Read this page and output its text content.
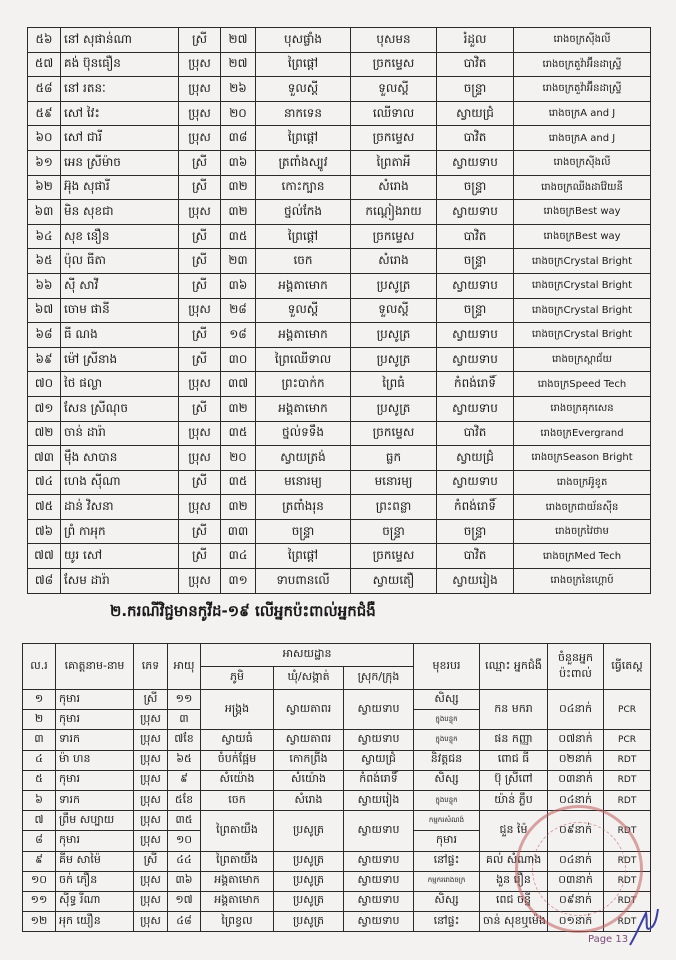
៥៦	នៅ សុផាន់ណា	ស្រី	២៧	បុសផ្លាំង	បុសមន	រំដួល	រោងចក្រស៊ីងលី
៥៧	គង់ ប៊ុនធឿន	ប្រុស	២៧	ព្រៃផ្ដៅ	ច្រកម្ទេស	បាវិត	រោងចក្រតួវ៉ាអ៊ីនដាស្ទ្រី
៥៨	នៅ រតនៈ	ប្រុស	២៦	ទួលស្ដី	ទួលស្ដី	ចន្ទ្រា	រោងចក្រតួវ៉ាអ៊ីនដាស្ទ្រី
៥៩	សៅ វៃះ	ប្រុស	២០	នាកទេន	ឈើទាល	ស្វាយជ្រំ	រោងចក្រA and J
៦០	សៅ ជារី	ប្រុស	៣៨	ព្រៃផ្ដៅ	ច្រកម្ទេស	បាវិត	រោងចក្រA and J
៦១	អេន ស្រីម៉ាច	ស្រី	៣៦	ត្រពាំងស្បូវ	ព្រៃតាអី	ស្វាយទាប	រោងចក្រស៊ីងលី
៦២	អ៊ុង សុផារី	ស្រី	៣២	កោះក្បាន	សំរោង	ចន្ទ្រា	រោងចក្រឈីងដាវ៉ែយនី
៦៣	មិន សុខជា	ប្រុស	៣២	ថ្នល់កែង	កណ្ដៀងរាយ	ស្វាយទាប	រោងចក្រBest way
៦៤	សុខ នឿន	ស្រី	៣៥	ព្រៃផ្ដៅ	ច្រកម្ទេស	បាវិត	រោងចក្រBest way
៦៥	ប៉ុល ធីតា	ស្រី	២៣	ចេក	សំរោង	ចន្ទ្រា	រោងចក្រCrystal Bright
៦៦	ស៊ី សាវី	ស្រី	៣៦	អង្គតាមោក	ប្រសូត្រ	ស្វាយទាប	រោងចក្រCrystal Bright
៦៧	ចោម ផានី	ប្រុស	២៨	ទួលស្ដី	ទួលស្ដី	ចន្ទ្រា	រោងចក្រCrystal Bright
៦៨	ធី ណង	ស្រី	១៨	អង្គតាមោក	ប្រសូត្រ	ស្វាយទាប	រោងចក្រCrystal Bright
៦៩	ម៉ៅ ស្រីនាង	ស្រី	៣០	ព្រៃឈើទាល	ប្រសូត្រ	ស្វាយទាប	រោងចក្រស្ពាជ័យ
៧០	ថៃ ផល្លា	ប្រុស	៣៧	ព្រះបាក់ក	ព្រៃធំ	កំពង់រោទិ៍	រោងចក្រSpeed Tech
៧១	សែន ស្រីណុច	ស្រី	៣២	អង្គតាមោក	ប្រសូត្រ	ស្វាយទាប	រោងចក្រគុកសេន
៧២	ចាន់ ដារ៉ា	ប្រុស	៣៥	ថ្នល់ទទឹង	ច្រកម្ទេស	បាវិត	រោងចក្រEvergrand
៧៣	ម៉ឹង សាបាន	ប្រុស	២០	ស្វាយត្រង់	ធ្លក	ស្វាយជ្រំ	រោងចក្រSeason Bright
៧៤	ហេង ស៊ីណា	ស្រី	៣៥	មនោរម្យ	មនោរម្យ	ស្វាយទាប	រោងចក្រអ៊ូខូត
៧៥	ដាន់ វិសនា	ប្រុស	៣២	ត្រពាំងរុន	ព្រះពន្លា	កំពង់រោទិ៍	រោងចក្រជាយ័នស៊ីន
៧៦	ព្រំ កាអុក	ស្រី	៣៣	ចន្ទ្រា	ចន្ទ្រា	ចន្ទ្រា	រោងចក្រវៃថាម
៧៧	យូរ សៅ	ស្រី	៣៤	ព្រៃផ្ដៅ	ច្រកម្ទេស	បាវិត	រោងចក្រMed Tech
៧៨	សែម ដារ៉ា	ប្រុស	៣១	ទាបពានលើ	ស្វាយតឿ	ស្វាយរៀង	រោងចក្រនៃហ្គោប៍
២.ករណីវិជ្ជមានកូវីដ-១៩ លើអ្នកប៉ះពាល់អ្នកជំងឺ
ល.រ	គោត្តនាម-នាម	ភេទ	អាយុ	អាសយដ្ឋាន			មុខរបរ	ឈ្មោះ អ្នកជំងឺ	ចំនួនអ្នក ប៉ះពាល់	ធ្វើតេស្ត
				ភូមិ	ឃុំ/សង្កាត់	ស្រុក/ក្រុង				
១	កុមារ	ស្រី	១១	អង្រ្គង	ស្វាយតាពរ	ស្វាយទាប	សិស្ស	កន មករា	០៤នាក់	PCR
២	កុមារ	ប្រុស	៣				ក្នុងបន្ទុក			
៣	ទារក	ប្រុស	៧ខែ	ស្វាយធំ	ស្វាយតាពរ	ស្វាយទាប	ក្នុងបន្ទុក	ផន កញ្ញា	០៧នាក់	PCR
៤	ម៉ា ហន	ប្រុស	៦៥	ចំបក់ផ្អែម	កោកព្រីង	ស្វាយជ្រំ	និវត្តជន	ពោជ ធី	០២នាក់	RDT
៥	កុមារ	ប្រុស	៩	សំយ៉ោង	សំយ៉ោង	កំពង់រោទិ៍	សិស្ស	ប៊ុ ស្រីពៅ	០៣នាក់	RDT
៦	ទារក	ប្រុស	៥ខែ	ចេក	សំរោង	ស្វាយរៀង	ក្នុងបន្ទុក	យ៉ាន់ ភ្លឹប	០៤នាក់	RDT
៧	ព្រឹម សប្បាយ	ប្រុស	៣៥	ព្រៃតាយឹង	ប្រសូត្រ	ស្វាយទាប	កម្មករសំណង់	ជួន ម៉ៃ	០៩នាក់	RDT
៨	កុមារ	ប្រុស	១០				កុមារ			
៩	គីម សាម៉ៃ	ស្រី	៤៤	ព្រៃតាយឹង	ប្រសូត្រ	ស្វាយទាប	នៅផ្ទះ	គល់ សំណាង	០៤នាក់	RDT
១០	ចក់ ភឿន	ប្រុស	៣៦	អង្គតាមោក	ប្រសូត្រ	ស្វាយទាប	កម្មកររោងចក្រ	ងួន រឿន	០៣នាក់	RDT
១១	ស៊ីទ្ធ រីណា	ប្រុស	១៧	អង្គតាមោក	ប្រសូត្រ	ស្វាយទាប	សិស្ស	ពេជ ចន្នី	០៩នាក់	RDT
១២	អុក យឿន	ប្រុស	៤៨	ព្រៃខ្វល	ប្រសូត្រ	ស្វាយទាប	នៅផ្ទះ	ចាន់ សុខឬម៉េង	០១នាក់	RDT
Page 13
